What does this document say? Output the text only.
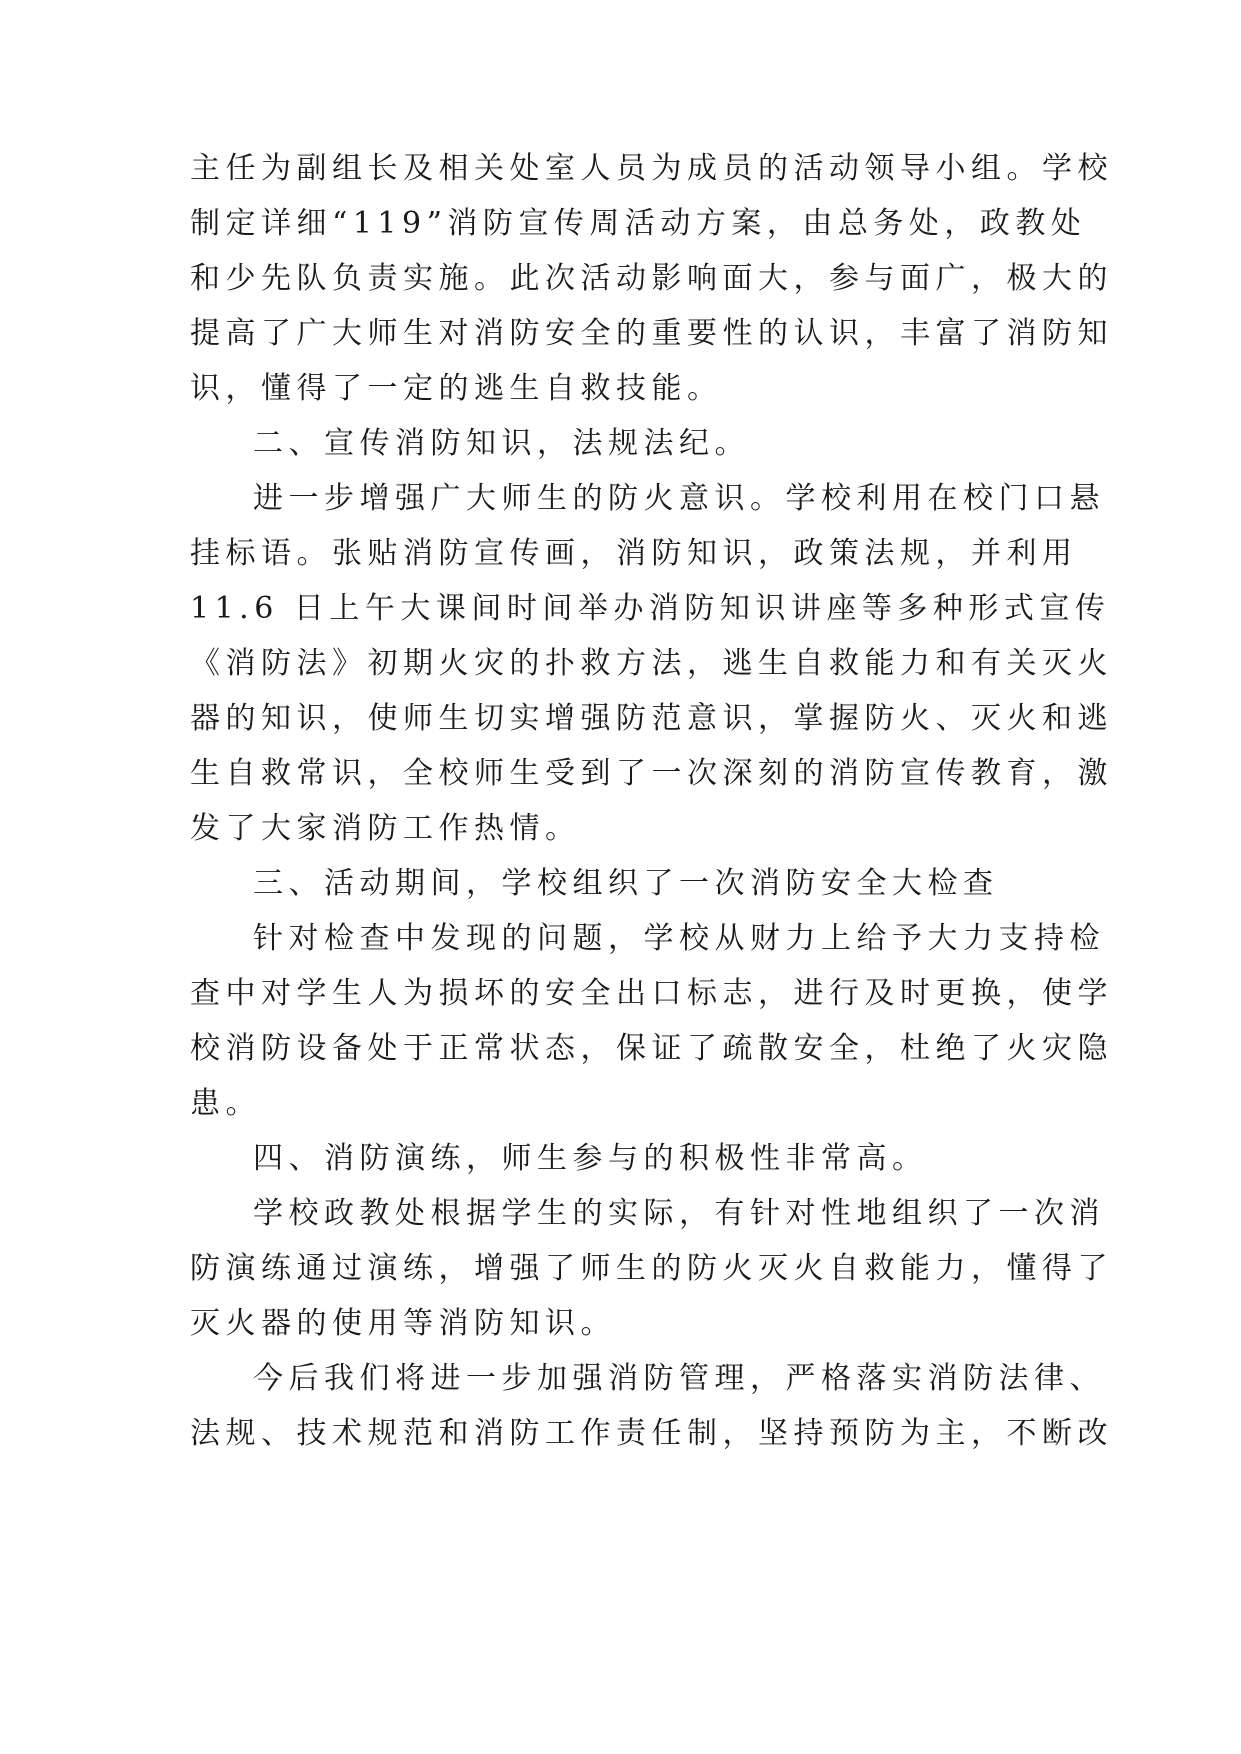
主任为副组长及相关处室人员为成员的活动领导小组。学校

制定详细“119”消防宣传周活动方案，由总务处，政教处

和少先队负责实施。此次活动影响面大，参与面广，极大的

提高了广大师生对消防安全的重要性的认识，丰富了消防知

识，懂得了一定的逃生自救技能。

二、宣传消防知识，法规法纪。

进一步增强广大师生的防火意识。学校利用在校门口悬

挂标语。张贴消防宣传画，消防知识，政策法规，并利用

11.6 日上午大课间时间举办消防知识讲座等多种形式宣传

《消防法》初期火灾的扑救方法，逃生自救能力和有关灭火

器的知识，使师生切实增强防范意识，掌握防火、灭火和逃

生自救常识，全校师生受到了一次深刻的消防宣传教育，激

发了大家消防工作热情。

三、活动期间，学校组织了一次消防安全大检查

针对检查中发现的问题，学校从财力上给予大力支持检

查中对学生人为损坏的安全出口标志，进行及时更换，使学

校消防设备处于正常状态，保证了疏散安全，杜绝了火灾隐

患。

四、消防演练，师生参与的积极性非常高。

学校政教处根据学生的实际，有针对性地组织了一次消

防演练通过演练，增强了师生的防火灭火自救能力，懂得了

灭火器的使用等消防知识。

今后我们将进一步加强消防管理，严格落实消防法律、

法规、技术规范和消防工作责任制，坚持预防为主，不断改
